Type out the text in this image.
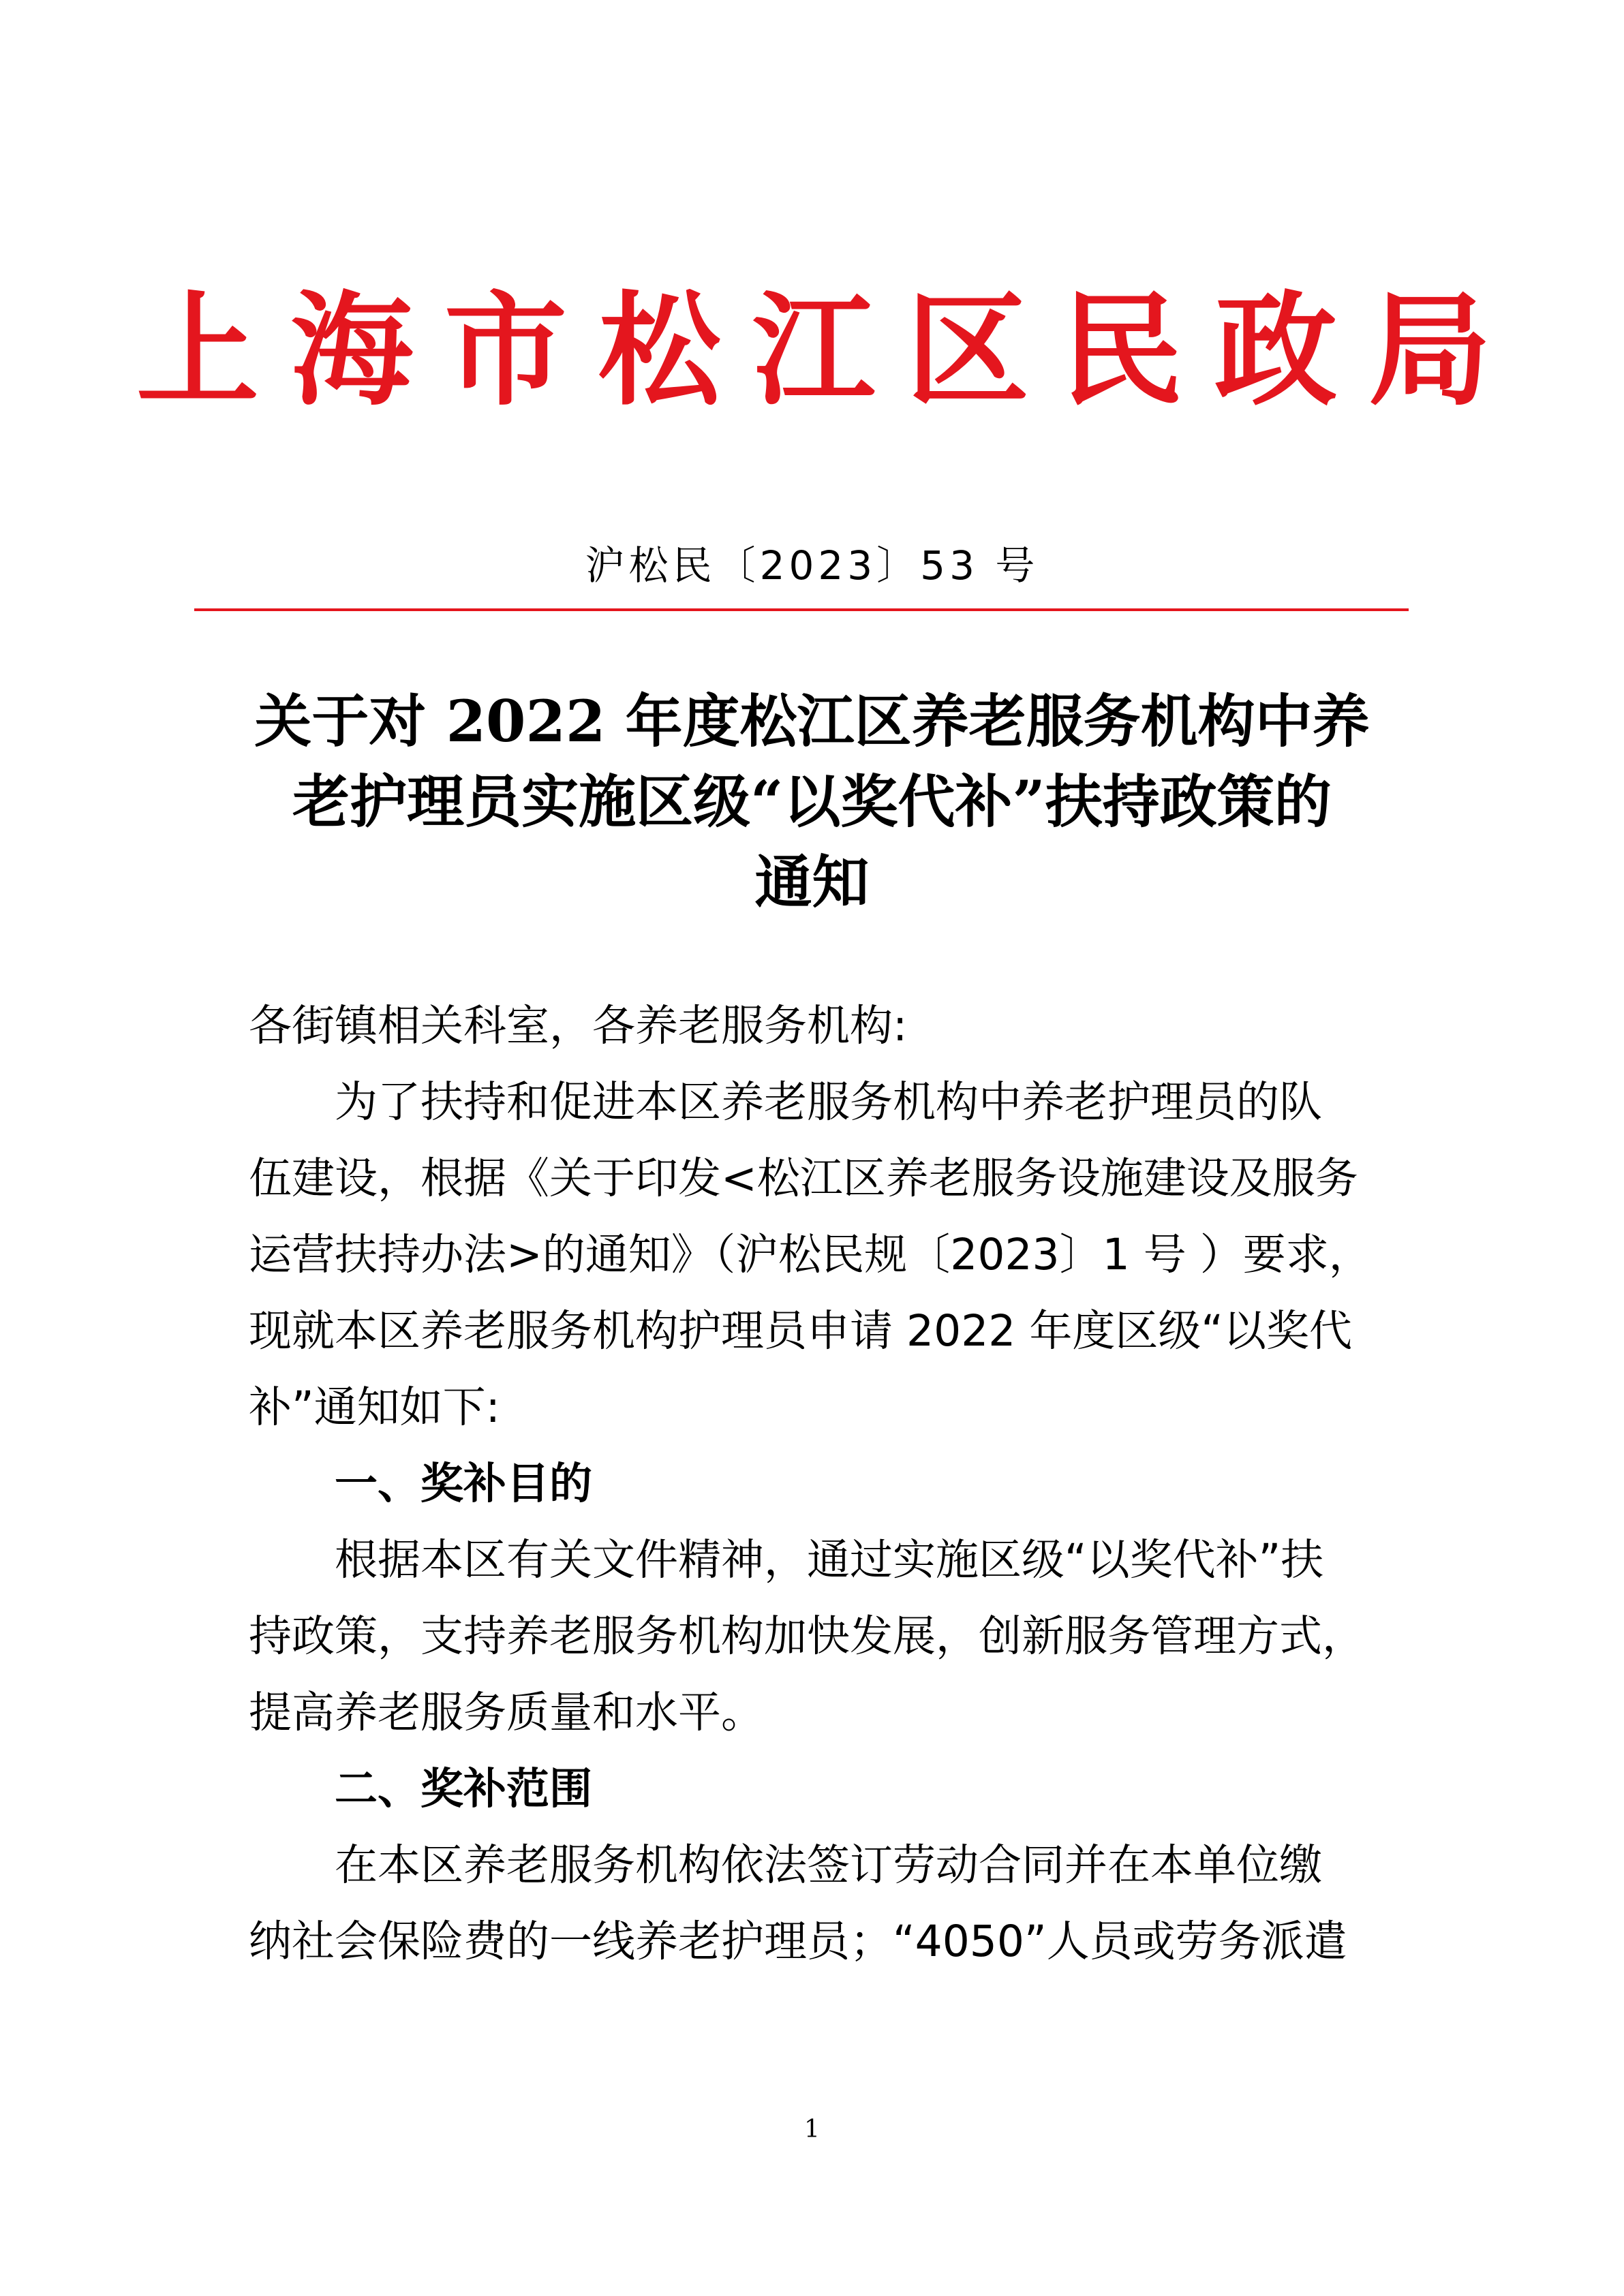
上海市松江区民政局
沪松民〔2023〕53 号
关于对 2022 年度松江区养老服务机构中养
老护理员实施区级“以奖代补”扶持政策的
通知
各街镇相关科室，各养老服务机构:
为了扶持和促进本区养老服务机构中养老护理员的队
伍建设，根据《关于印发<松江区养老服务设施建设及服务
运营扶持办法>的通知》（沪松民规〔2023〕1 号 ）要求，
现就本区养老服务机构护理员申请 2022 年度区级“以奖代
补”通知如下:
一、奖补目的
根据本区有关文件精神，通过实施区级“以奖代补”扶
持政策，支持养老服务机构加快发展，创新服务管理方式，
提高养老服务质量和水平。
二、奖补范围
在本区养老服务机构依法签订劳动合同并在本单位缴
纳社会保险费的一线养老护理员；“4050”人员或劳务派遣
1
